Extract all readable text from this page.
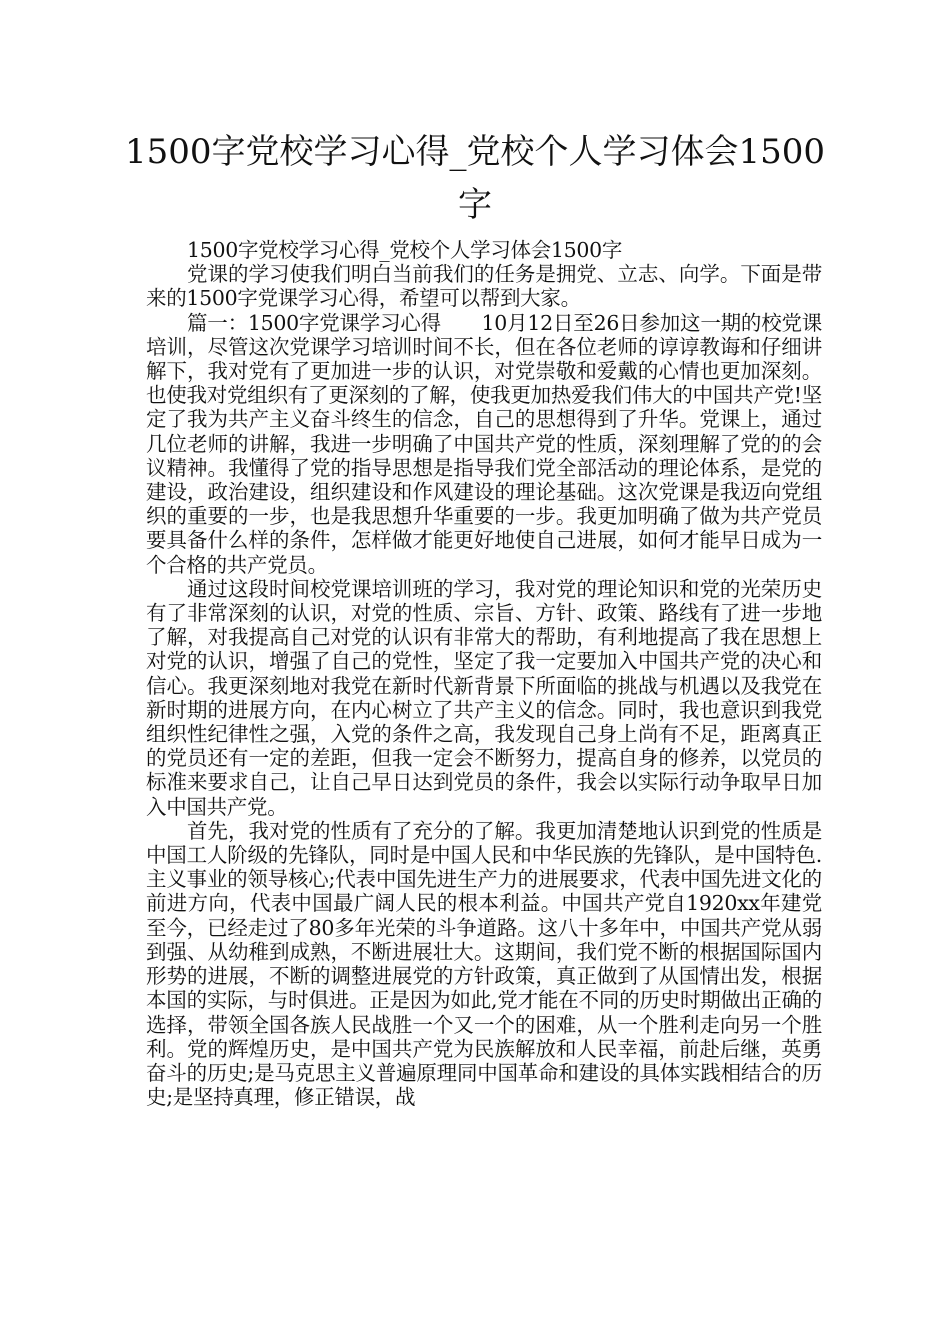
1500字党校学习心得_党校个人学习体会1500字

1500字党校学习心得_党校个人学习体会1500字

党课的学习使我们明白当前我们的任务是拥党、立志、向学。下面是带来的1500字党课学习心得，希望可以帮到大家。

篇一：1500字党课学习心得　　10月12日至26日参加这一期的校党课培训，尽管这次党课学习培训时间不长，但在各位老师的谆谆教诲和仔细讲解下，我对党有了更加进一步的认识，对党崇敬和爱戴的心情也更加深刻。也使我对党组织有了更深刻的了解，使我更加热爱我们伟大的中国共产党!坚定了我为共产主义奋斗终生的信念，自己的思想得到了升华。党课上，通过几位老师的讲解，我进一步明确了中国共产党的性质，深刻理解了党的的会议精神。我懂得了党的指导思想是指导我们党全部活动的理论体系，是党的建设，政治建设，组织建设和作风建设的理论基础。这次党课是我迈向党组织的重要的一步，也是我思想升华重要的一步。我更加明确了做为共产党员要具备什么样的条件，怎样做才能更好地使自己进展，如何才能早日成为一个合格的共产党员。

通过这段时间校党课培训班的学习，我对党的理论知识和党的光荣历史有了非常深刻的认识，对党的性质、宗旨、方针、政策、路线有了进一步地了解，对我提高自己对党的认识有非常大的帮助，有利地提高了我在思想上对党的认识，增强了自己的党性，坚定了我一定要加入中国共产党的决心和信心。我更深刻地对我党在新时代新背景下所面临的挑战与机遇以及我党在新时期的进展方向，在内心树立了共产主义的信念。同时，我也意识到我党组织性纪律性之强，入党的条件之高，我发现自己身上尚有不足，距离真正的党员还有一定的差距，但我一定会不断努力，提高自身的修养，以党员的标准来要求自己，让自己早日达到党员的条件，我会以实际行动争取早日加入中国共产党。

首先，我对党的性质有了充分的了解。我更加清楚地认识到党的性质是中国工人阶级的先锋队，同时是中国人民和中华民族的先锋队，是中国特色.主义事业的领导核心;代表中国先进生产力的进展要求，代表中国先进文化的前进方向，代表中国最广阔人民的根本利益。中国共产党自1920xx年建党至今，已经走过了80多年光荣的斗争道路。这八十多年中，中国共产党从弱到强、从幼稚到成熟，不断进展壮大。这期间，我们党不断的根据国际国内形势的进展，不断的调整进展党的方针政策，真正做到了从国情出发，根据本国的实际，与时俱进。正是因为如此,党才能在不同的历史时期做出正确的选择，带领全国各族人民战胜一个又一个的困难，从一个胜利走向另一个胜利。党的辉煌历史，是中国共产党为民族解放和人民幸福，前赴后继，英勇奋斗的历史;是马克思主义普遍原理同中国革命和建设的具体实践相结合的历史;是坚持真理，修正错误，战
